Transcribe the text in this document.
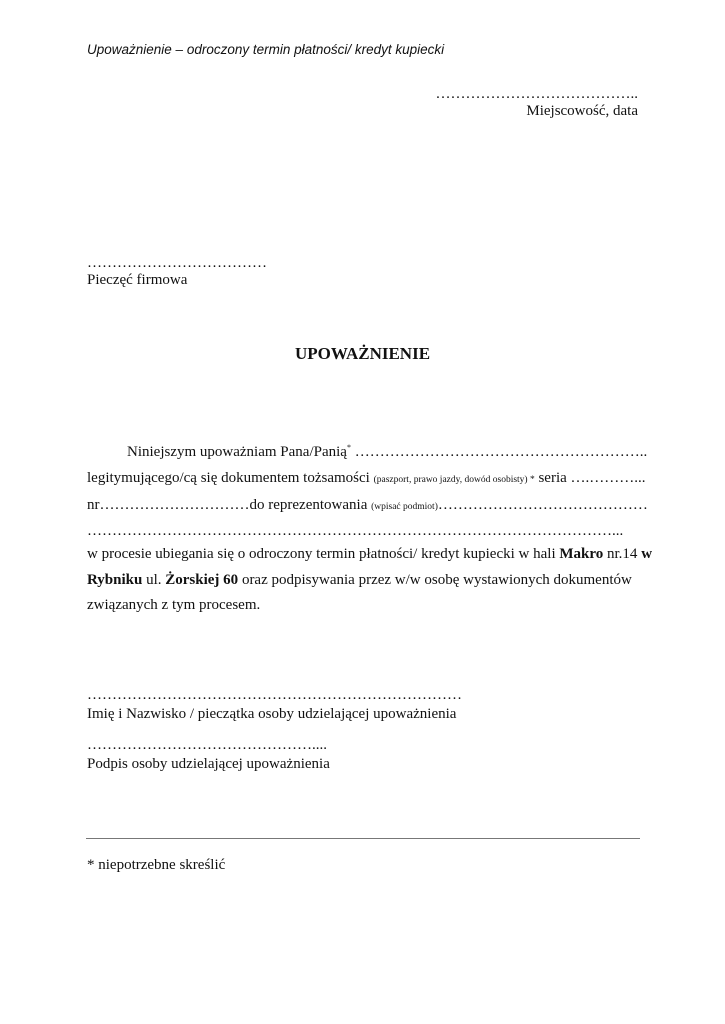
Upoważnienie – odroczony termin płatności/ kredyt kupiecki
…………………………………..
Miejscowość, data
………………………………
Pieczęć firmowa
UPOWAŻNIENIE
Niniejszym upoważniam Pana/Panią* …………………………………………………..
legitymującego/cą się dokumentem tożsamości (paszport, prawo jazdy, dowód osobisty) * seria ….………...
nr…………………………do reprezentowania (wpisać podmiot)……………………………………
……………………………………………………………………………………………...
w procesie ubiegania się o odroczony termin płatności/ kredyt kupiecki w hali Makro nr.14 w
Rybniku ul. Żorskiej 60 oraz podpisywania przez w/w osobę wystawionych dokumentów
związanych z tym procesem.
…………………………………………………………………
Imię i Nazwisko / pieczątka osoby udzielającej upoważnienia
………………………………………....
Podpis osoby udzielającej upoważnienia
* niepotrzebne skreślić
